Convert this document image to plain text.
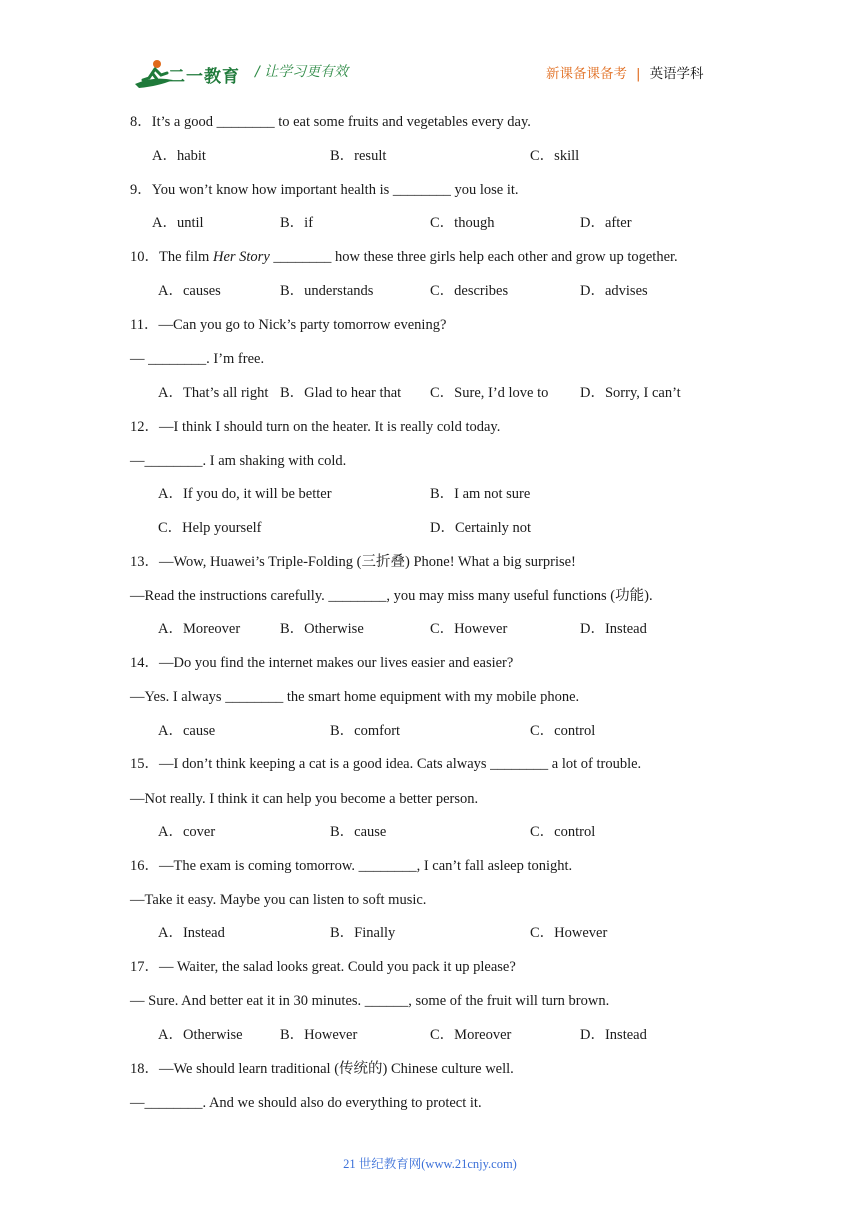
二一教育 / 让学习更有效	新课备课备考 | 英语学科
8．It’s a good ________ to eat some fruits and vegetables every day.
A．habit	B．result	C．skill
9．You won’t know how important health is ________ you lose it.
A．until	B．if	C．though	D．after
10．The film Her Story ________ how these three girls help each other and grow up together.
A．causes	B．understands	C．describes	D．advises
11．—Can you go to Nick’s party tomorrow evening?
— ________. I’m free.
A．That’s all right B．Glad to hear that C．Sure, I’d love to D．Sorry, I can’t
12．—I think I should turn on the heater. It is really cold today.
—________. I am shaking with cold.
A．If you do, it will be better	B．I am not sure
C．Help yourself	D．Certainly not
13．—Wow, Huawei’s Triple-Folding (三折叠) Phone! What a big surprise!
—Read the instructions carefully. ________, you may miss many useful functions (功能).
A．Moreover	B．Otherwise	C．However	D．Instead
14．—Do you find the internet makes our lives easier and easier?
—Yes. I always ________ the smart home equipment with my mobile phone.
A．cause	B．comfort	C．control
15．—I don’t think keeping a cat is a good idea. Cats always ________ a lot of trouble.
—Not really. I think it can help you become a better person.
A．cover	B．cause	C．control
16．—The exam is coming tomorrow. ________, I can’t fall asleep tonight.
—Take it easy. Maybe you can listen to soft music.
A．Instead	B．Finally	C．However
17．— Waiter, the salad looks great. Could you pack it up please?
— Sure. And better eat it in 30 minutes. ______, some of the fruit will turn brown.
A．Otherwise	B．However	C．Moreover	D．Instead
18．—We should learn traditional (传统的) Chinese culture well.
—________. And we should also do everything to protect it.
21 世纪教育网(www.21cnjy.com)
